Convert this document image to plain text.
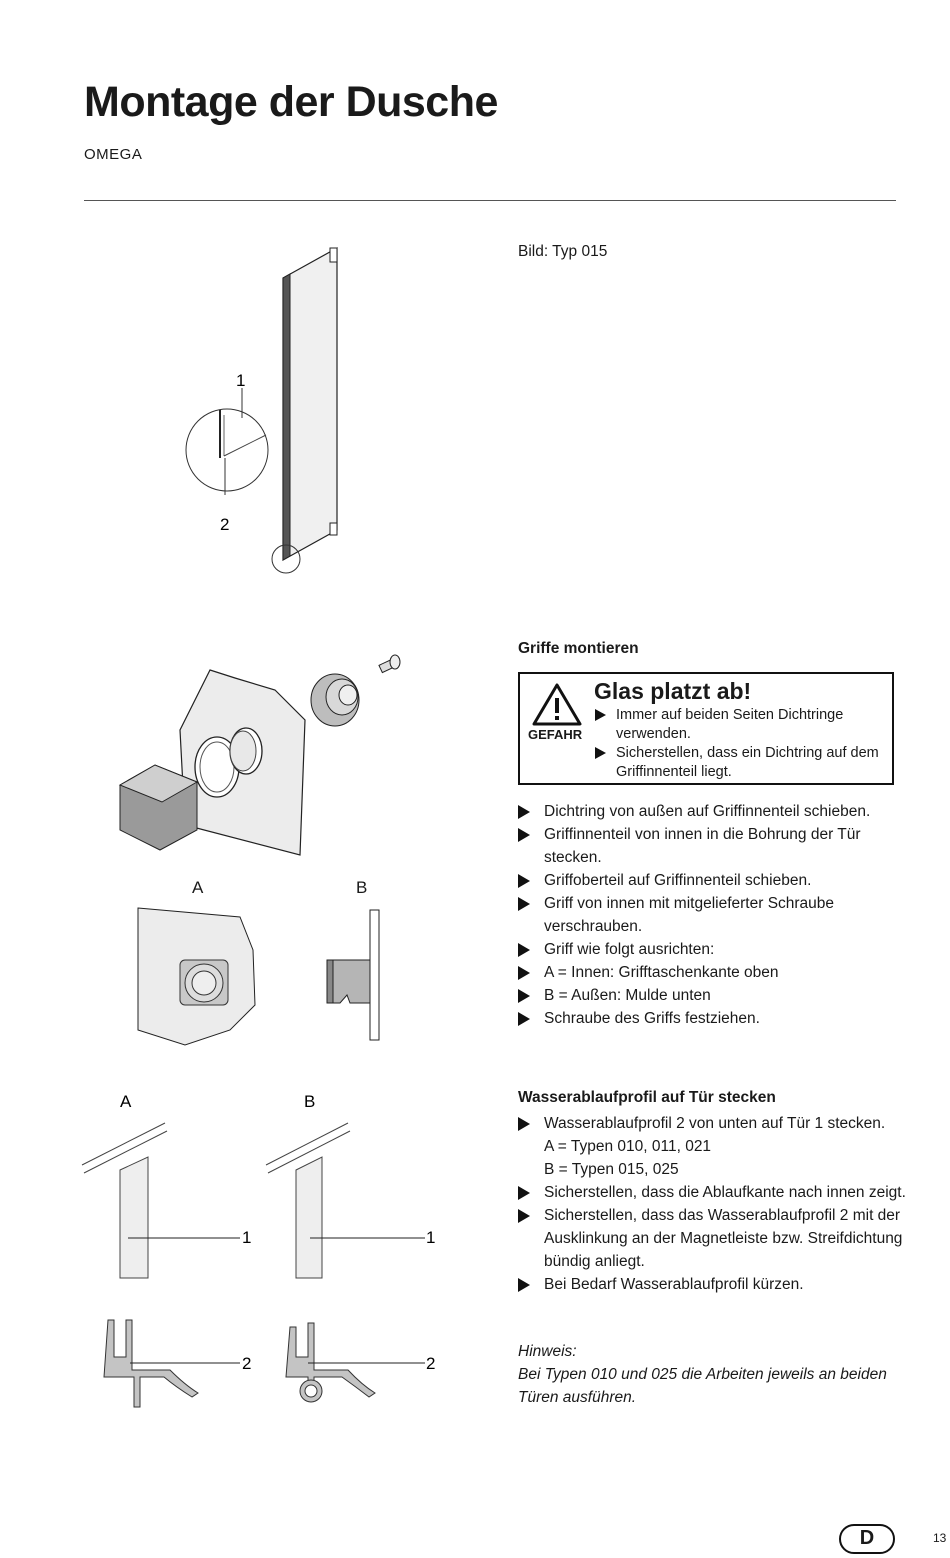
Montage der Dusche
OMEGA
1
2
Bild: Typ 015
Griffe montieren
GEFAHR
Glas platzt ab!
Immer auf beiden Seiten Dichtringe verwenden.
Sicherstellen, dass ein Dichtring auf dem Griffinnenteil liegt.
Dichtring von außen auf Griffinnenteil schieben.
Griffinnenteil von innen in die Bohrung der Tür stecken.
Griffoberteil auf Griffinnenteil schieben.
Griff von innen mit mitgelieferter Schraube verschrauben.
Griff wie folgt ausrichten:
A = Innen: Grifftaschenkante oben
B = Außen: Mulde unten
Schraube des Griffs festziehen.
A	B
Wasserablaufprofil auf Tür stecken
Wasserablaufprofil 2 von unten auf Tür 1 stecken.
A = Typen 010, 011, 021
B = Typen 015, 025
Sicherstellen, dass die Ablaufkante nach innen zeigt.
Sicherstellen, dass das Wasserablaufprofil 2 mit der Ausklinkung an der Magnetleiste bzw. Streifdichtung bündig anliegt.
Bei Bedarf Wasserablaufprofil kürzen.
Hinweis:
Bei Typen 010 und 025 die Arbeiten jeweils an beiden Türen ausführen.
A	B
1
2
1
2
D	13
